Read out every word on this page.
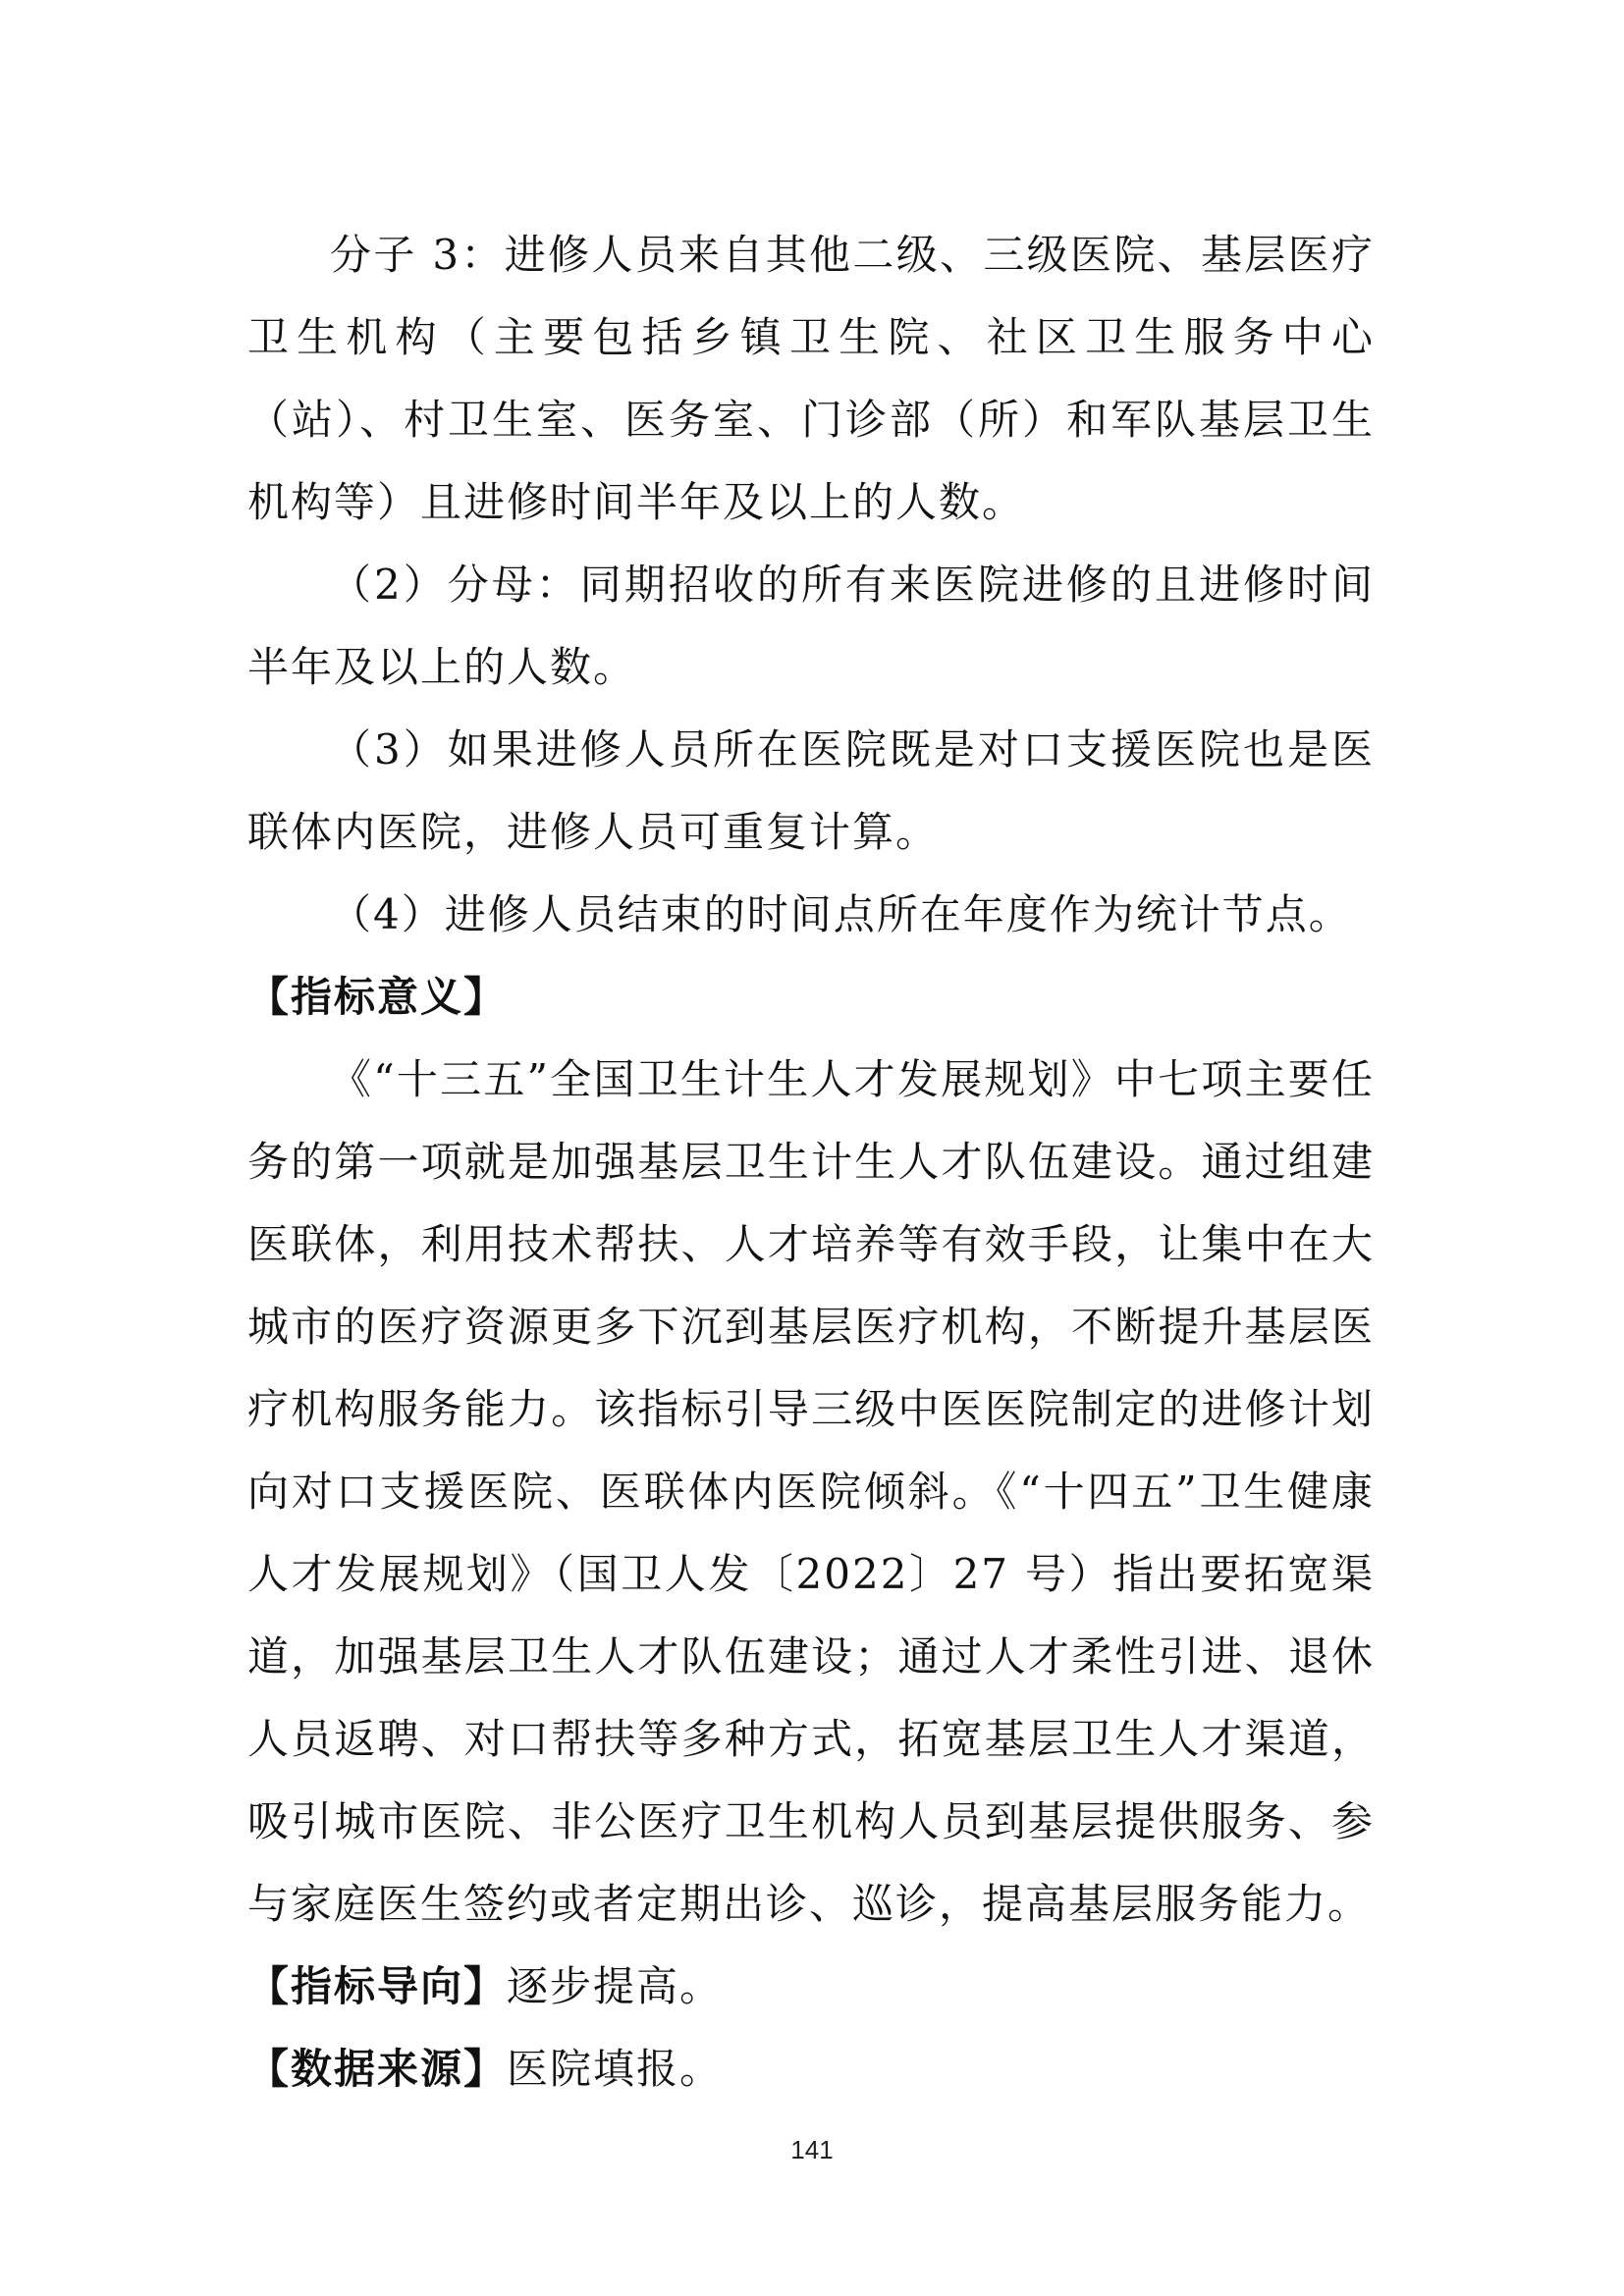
分子 3：进修人员来自其他二级、三级医院、基层医疗卫生机构（主要包括乡镇卫生院、社区卫生服务中心（站）、村卫生室、医务室、门诊部（所）和军队基层卫生机构等）且进修时间半年及以上的人数。

（2）分母：同期招收的所有来医院进修的且进修时间半年及以上的人数。

（3）如果进修人员所在医院既是对口支援医院也是医联体内医院，进修人员可重复计算。

（4）进修人员结束的时间点所在年度作为统计节点。

【指标意义】

《“十三五”全国卫生计生人才发展规划》中七项主要任务的第一项就是加强基层卫生计生人才队伍建设。通过组建医联体，利用技术帮扶、人才培养等有效手段，让集中在大城市的医疗资源更多下沉到基层医疗机构，不断提升基层医疗机构服务能力。该指标引导三级中医医院制定的进修计划向对口支援医院、医联体内医院倾斜。《“十四五”卫生健康人才发展规划》（国卫人发〔2022〕27 号）指出要拓宽渠道，加强基层卫生人才队伍建设；通过人才柔性引进、退休人员返聘、对口帮扶等多种方式，拓宽基层卫生人才渠道，吸引城市医院、非公医疗卫生机构人员到基层提供服务、参与家庭医生签约或者定期出诊、巡诊，提高基层服务能力。

【指标导向】逐步提高。

【数据来源】医院填报。

141
